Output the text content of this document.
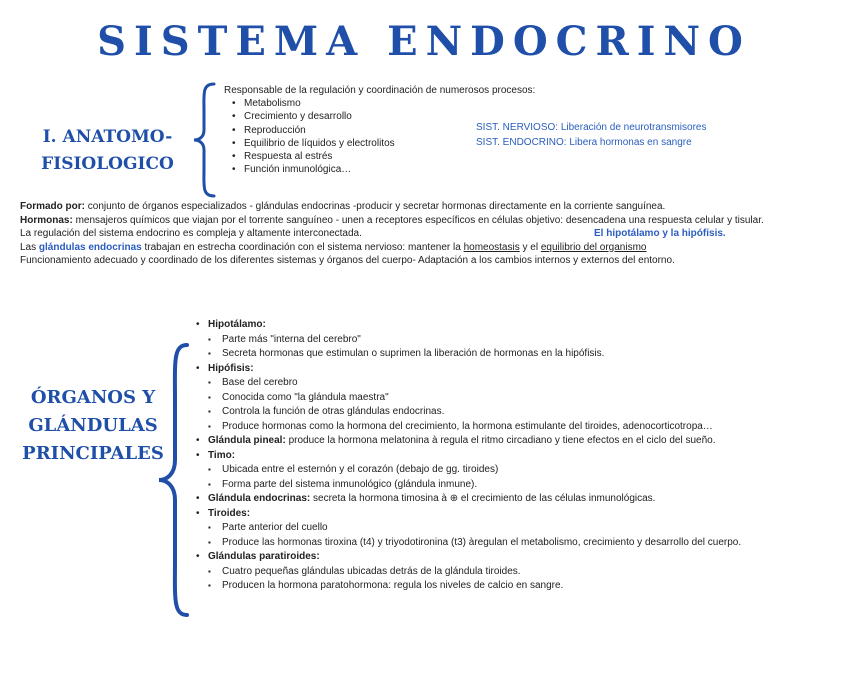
SISTEMA ENDOCRINO
I. ANATOMO-
FISIOLOGICO
Responsable de la regulación y coordinación de numerosos procesos:
• Metabolismo
• Crecimiento y desarrollo
• Reproducción
• Equilibrio de líquidos y electrolitos
• Respuesta al estrés
• Función inmunológica…
SIST. NERVIOSO: Liberación de neurotransmisores
SIST. ENDOCRINO: Libera hormonas en sangre
Formado por: conjunto de órganos especializados - glándulas endocrinas -producir y secretar hormonas directamente en la corriente sanguínea.
Hormonas: mensajeros químicos que viajan por el torrente sanguíneo - unen a receptores específicos en células objetivo: desencadena una respuesta celular y tisular.
La regulación del sistema endocrino es compleja y altamente interconectada.	El hipotálamo y la hipófisis.
Las glándulas endocrinas trabajan en estrecha coordinación con el sistema nervioso: mantener la homeostasis y el equilibrio del organismo
Funcionamiento adecuado y coordinado de los diferentes sistemas y órganos del cuerpo- Adaptación a los cambios internos y externos del entorno.
ÓRGANOS Y
GLÁNDULAS
PRINCIPALES
• Hipotálamo:
▪ Parte más "interna del cerebro"
▪ Secreta hormonas que estimulan o suprimen la liberación de hormonas en la hipófisis.
• Hipófisis:
▪ Base del cerebro
▪ Conocida como "la glándula maestra"
▪ Controla la función de otras glándulas endocrinas.
▪ Produce hormonas como la hormona del crecimiento, la hormona estimulante del tiroides, adenocorticotropa…
• Glándula pineal: produce la hormona melatonina à regula el ritmo circadiano y tiene efectos en el ciclo del sueño.
• Timo:
▪ Ubicada entre el esternón y el corazón (debajo de gg. tiroides)
▪ Forma parte del sistema inmunológico (glándula inmune).
• Glándula endocrinas: secreta la hormona timosina à ⊕ el crecimiento de las células inmunológicas.
• Tiroides:
▪ Parte anterior del cuello
▪ Produce las hormonas tiroxina (t4) y triyodotironina (t3) àregulan el metabolismo, crecimiento y desarrollo del cuerpo.
• Glándulas paratiroides:
▪ Cuatro pequeñas glándulas ubicadas detrás de la glándula tiroides.
▪ Producen la hormona paratohormona: regula los niveles de calcio en sangre.
